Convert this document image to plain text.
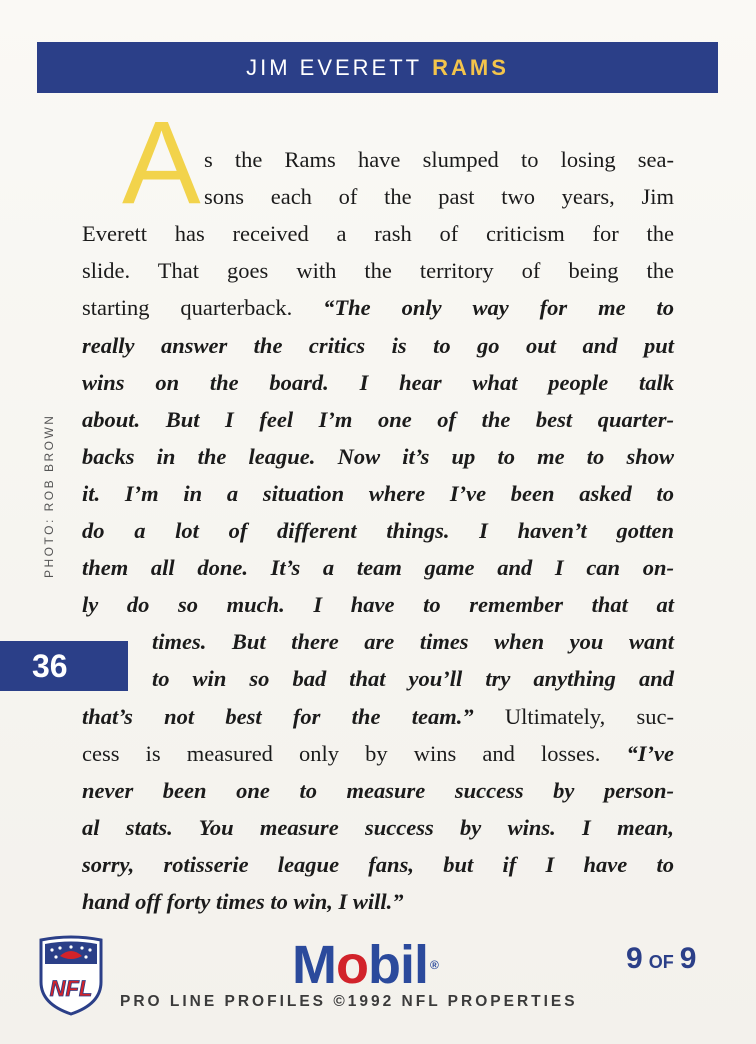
JIM EVERETT RAMS
PHOTO: ROB BROWN
36
A s the Rams have slumped to losing sea-
sons each of the past two years, Jim
Everett has received a rash of criticism for the
slide. That goes with the territory of being the
starting quarterback. “The only way for me to
really answer the critics is to go out and put
wins on the board. I hear what people talk
about. But I feel I’m one of the best quarter-
backs in the league. Now it’s up to me to show
it. I’m in a situation where I’ve been asked to
do a lot of different things. I haven’t gotten
them all done. It’s a team game and I can on-
ly do so much. I have to remember that at
times. But there are times when you want
to win so bad that you’ll try anything and
that’s not best for the team.” Ultimately, suc-
cess is measured only by wins and losses. “I’ve
never been one to measure success by person-
al stats. You measure success by wins. I mean,
sorry, rotisserie league fans, but if I have to
hand off forty times to win, I will.”
NFL	Mobil ®	9 OF 9
PRO LINE PROFILES ©1992 NFL PROPERTIES
